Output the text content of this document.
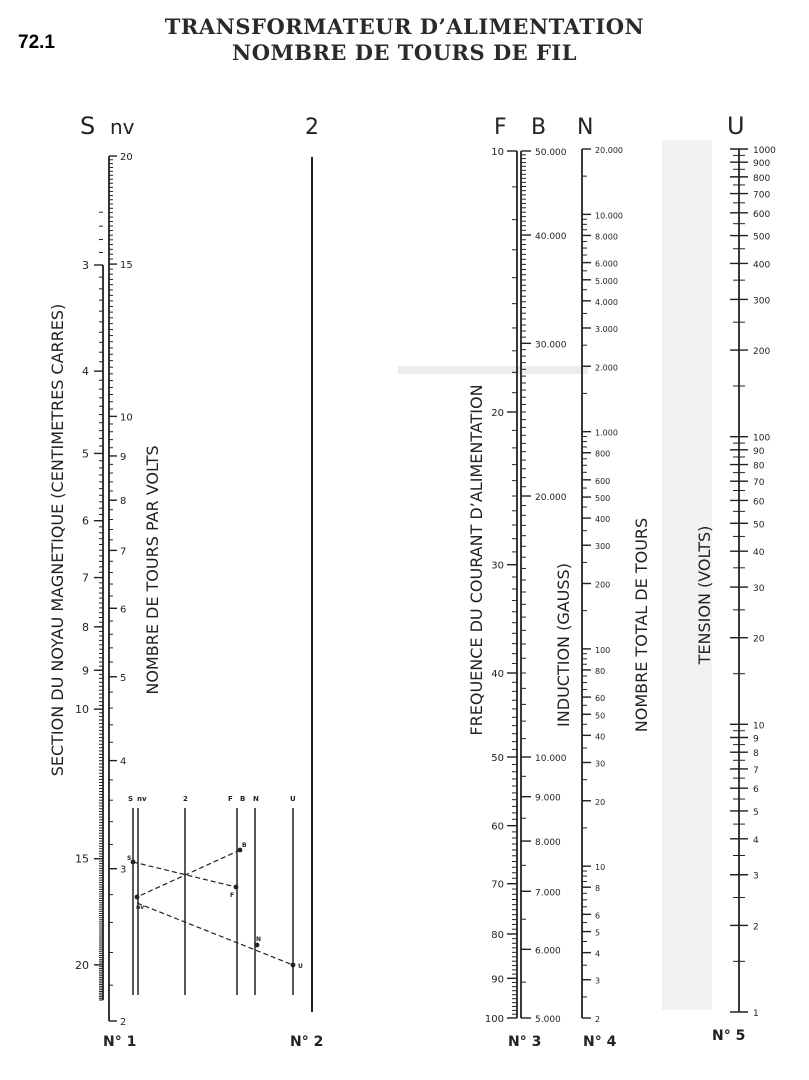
72.1
TRANSFORMATEUR D’ALIMENTATION
NOMBRE DE TOURS DE FIL
S nv	2	F B N	U
SECTION DU NOYAU MAGNETIQUE (CENTIMETRES CARRES)	NOMBRE DE TOURS PAR VOLTS	FREQUENCE DU COURANT D’ALIMENTATION	INDUCTION (GAUSS)	NOMBRE TOTAL DE TOURS	TENSION (VOLTS)
N° 1	N° 2	N° 3	N° 4	N° 5
3
4
5
6
7
8
9
10
15
20
20
15
10
9
8
7
6
5
4
3
2
10
20
30
40
50
60
70
80
90
100
50.000
40.000
30.000
20.000
10.000
9.000
8.000
7.000
6.000
5.000
20.000
10.000
8.000
6.000
5.000
4.000
3.000
2.000
1.000
800
600
500
400
300
200
100
80
60
50
40
30
20
10
8
6
5
4
3
2
1000
900
800
700
600
500
400
300
200
100
90
80
70
60
50
40
30
20
10
9
8
7
6
5
4
3
2
1
S nv	2	F B N	U
S
nv
F
B
N
U
